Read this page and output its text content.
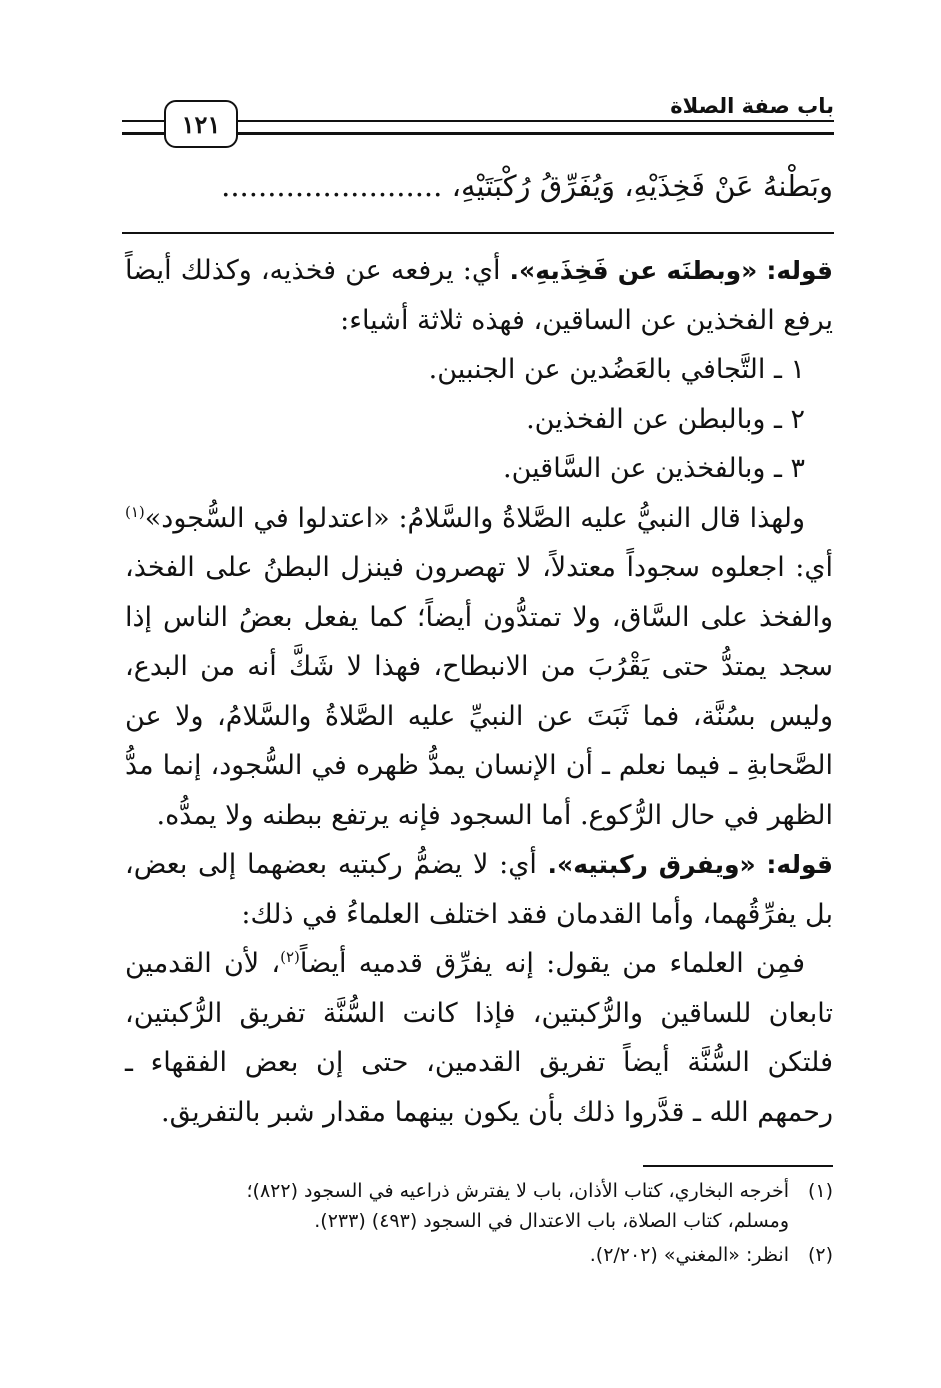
١٢١
باب صفة الصلاة
وبَطْنهُ عَنْ فَخِذَيْهِ، وَيُفَرِّقُ رُكْبَتَيْهِ، ........................

قوله: «وبطنَه عن فَخِذَيهِ». أي: يرفعه عن فخذيه، وكذلك أيضاً يرفع الفخذين عن الساقين، فهذه ثلاثة أشياء:

١ ـ التَّجافي بالعَضُدين عن الجنبين.

٢ ـ وبالبطن عن الفخذين.

٣ ـ وبالفخذين عن السَّاقين.

ولهذا قال النبيُّ عليه الصَّلاةُ والسَّلامُ: «اعتدلوا في السُّجود»$^{(١)}$ أي: اجعلوه سجوداً معتدلاً، لا تهصرون فينزل البطنُ على الفخذ، والفخذ على السَّاق، ولا تمتدُّون أيضاً؛ كما يفعل بعضُ الناس إذا سجد يمتدُّ حتى يَقْرُبَ من الانبطاح، فهذا لا شَكَّ أنه من البدع، وليس بسُنَّة، فما ثَبَتَ عن النبيِّ عليه الصَّلاةُ والسَّلامُ، ولا عن الصَّحابةِ ـ فيما نعلم ـ أن الإنسان يمدُّ ظهره في السُّجود، إنما مدُّ الظهر في حال الرُّكوع. أما السجود فإنه يرتفع ببطنه ولا يمدُّه.

قوله: «ويفرق ركبتيه». أي: لا يضمُّ ركبتيه بعضهما إلى بعض، بل يفرِّقُهما، وأما القدمان فقد اختلف العلماءُ في ذلك:

فمِن العلماء من يقول: إنه يفرِّق قدميه أيضاً$^{(٢)}$، لأن القدمين تابعان للساقين والرُّكبتين، فإذا كانت السُّنَّة تفريق الرُّكبتين، فلتكن السُّنَّة أيضاً تفريق القدمين، حتى إن بعض الفقهاء ـ رحمهم الله ـ قدَّروا ذلك بأن يكون بينهما مقدار شبر بالتفريق.

(١)أخرجه البخاري، كتاب الأذان، باب لا يفترش ذراعيه في السجود (٨٢٢)؛
ومسلم، كتاب الصلاة، باب الاعتدال في السجود (٤٩٣) (٢٣٣).
(٢)انظر: «المغني» (٢/٢٠٢).
